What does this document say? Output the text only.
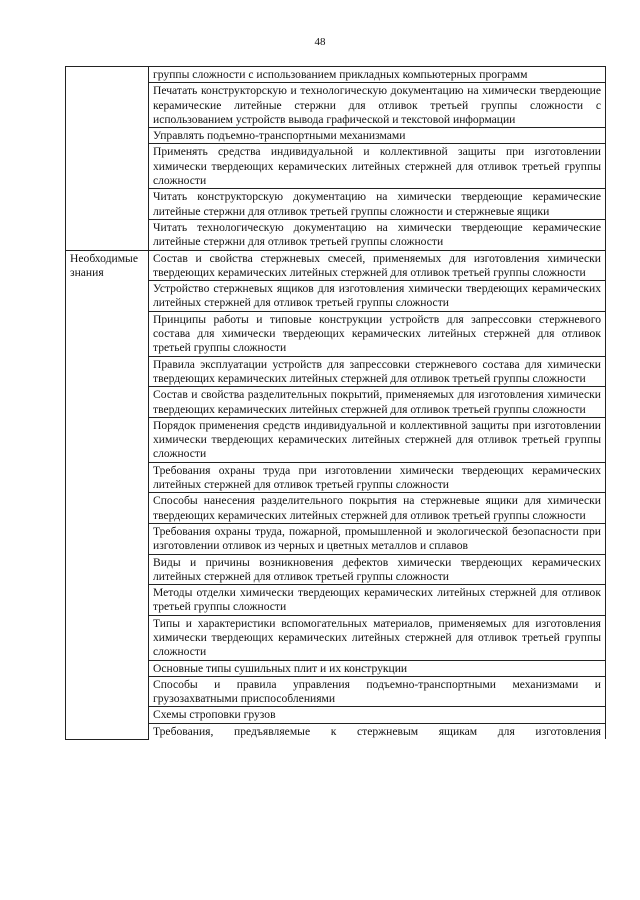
48
	группы сложности с использованием прикладных компьютерных программ
	Печатать конструкторскую и технологическую документацию на химически твердеющие керамические литейные стержни для отливок третьей группы сложности с использованием устройств вывода графической и текстовой информации
	Управлять подъемно-транспортными механизмами
	Применять средства индивидуальной и коллективной защиты при изготовлении химически твердеющих керамических литейных стержней для отливок третьей группы сложности
	Читать конструкторскую документацию на химически твердеющие керамические литейные стержни для отливок третьей группы сложности и стержневые ящики
	Читать технологическую документацию на химически твердеющие керамические литейные стержни для отливок третьей группы сложности
Необходимые знания	Состав и свойства стержневых смесей, применяемых для изготовления химически твердеющих керамических литейных стержней для отливок третьей группы сложности
	Устройство стержневых ящиков для изготовления химически твердеющих керамических литейных стержней для отливок третьей группы сложности
	Принципы работы и типовые конструкции устройств для запрессовки стержневого состава для химически твердеющих керамических литейных стержней для отливок третьей группы сложности
	Правила эксплуатации устройств для запрессовки стержневого состава для химически твердеющих керамических литейных стержней для отливок третьей группы сложности
	Состав и свойства разделительных покрытий, применяемых для изготовления химически твердеющих керамических литейных стержней для отливок третьей группы сложности
	Порядок применения средств индивидуальной и коллективной защиты при изготовлении химически твердеющих керамических литейных стержней для отливок третьей группы сложности
	Требования охраны труда при изготовлении химически твердеющих керамических литейных стержней для отливок третьей группы сложности
	Способы нанесения разделительного покрытия на стержневые ящики для химически твердеющих керамических литейных стержней для отливок третьей группы сложности
	Требования охраны труда, пожарной, промышленной и экологической безопасности при изготовлении отливок из черных и цветных металлов и сплавов
	Виды и причины возникновения дефектов химически твердеющих керамических литейных стержней для отливок третьей группы сложности
	Методы отделки химически твердеющих керамических литейных стержней для отливок третьей группы сложности
	Типы и характеристики вспомогательных материалов, применяемых для изготовления химически твердеющих керамических литейных стержней для отливок третьей группы сложности
	Основные типы сушильных плит и их конструкции
	Способы и правила управления подъемно-транспортными механизмами и грузозахватными приспособлениями
	Схемы строповки грузов
	Требования, предъявляемые к стержневым ящикам для изготовления
